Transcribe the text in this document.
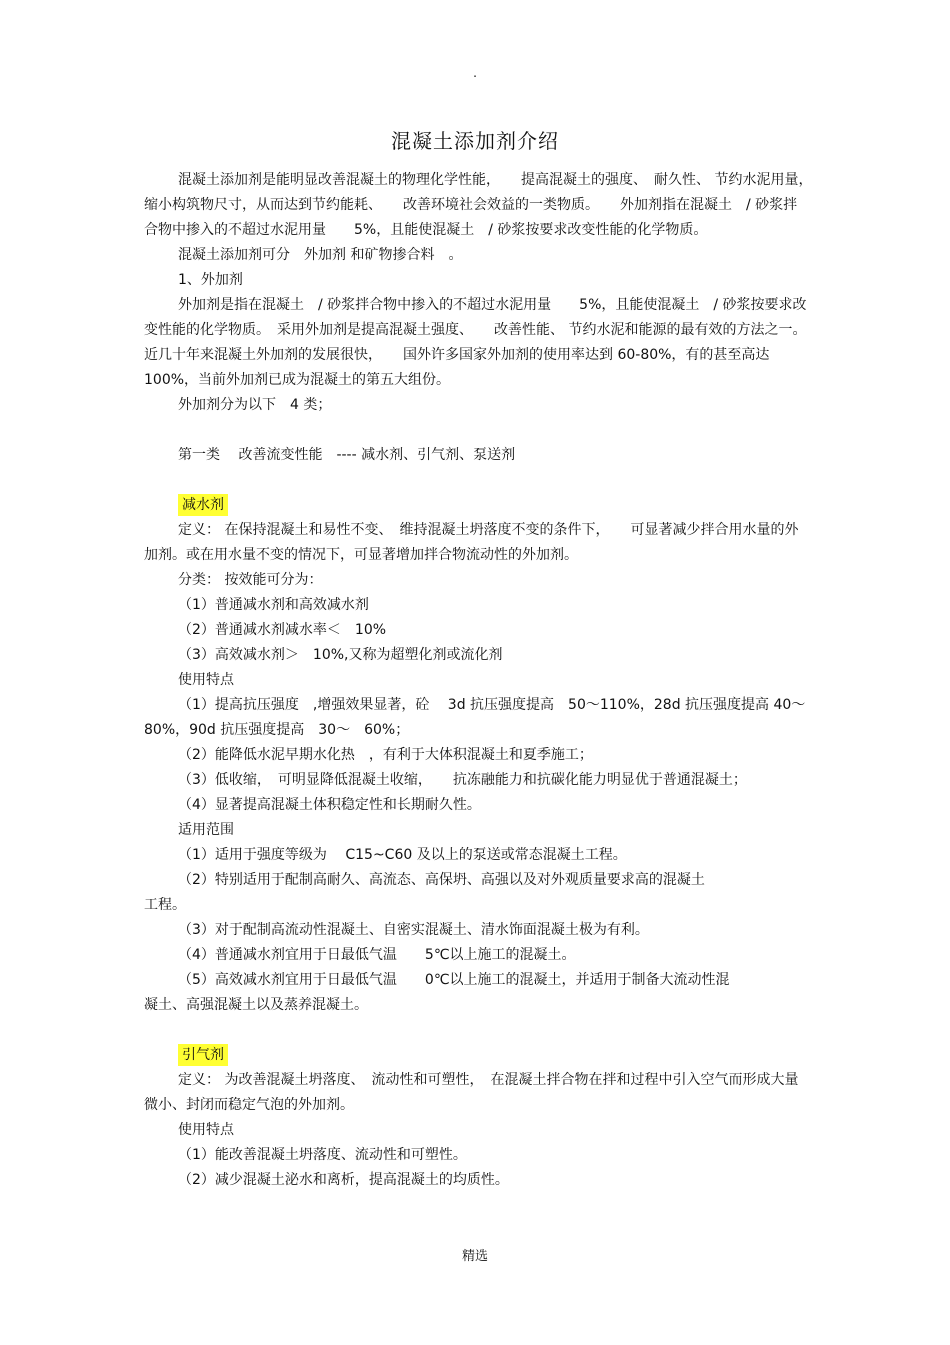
.
混凝土添加剂介绍

混凝土添加剂是能明显改善混凝土的物理化学性能，　　提高混凝土的强度、　耐久性、 节约水泥用量，　缩小构筑物尺寸，从而达到节约能耗、　　改善环境社会效益的一类物质。　　外加剂指在混凝土　/ 砂浆拌合物中掺入的不超过水泥用量　　5%，且能使混凝土　/ 砂浆按要求改变性能的化学物质。

混凝土添加剂可分　外加剂 和矿物掺合料　。

1、外加剂

外加剂是指在混凝土　/ 砂浆拌合物中掺入的不超过水泥用量　　5%，且能使混凝土　/ 砂浆按要求改变性能的化学物质。　采用外加剂是提高混凝土强度、　　改善性能、 节约水泥和能源的最有效的方法之一。　近几十年来混凝土外加剂的发展很快，　　国外许多国家外加剂的使用率达到 60-80%，有的甚至高达　100%，当前外加剂已成为混凝土的第五大组份。

外加剂分为以下　4 类；

第一类　 改善流变性能　---- 减水剂、引气剂、泵送剂

减水剂

定义： 在保持混凝土和易性不变、　维持混凝土坍落度不变的条件下，　　可显著减少拌合用水量的外加剂。或在用水量不变的情况下，可显著增加拌合物流动性的外加剂。

分类： 按效能可分为：

（1）普通减水剂和高效减水剂

（2）普通减水剂减水率＜　10%

（3）高效减水剂＞　10%,又称为超塑化剂或流化剂

使用特点

（1）提高抗压强度　,增强效果显著，砼　 3d 抗压强度提高　50～110%，28d 抗压强度提高 40～ 80%，90d 抗压强度提高　30～　60%；

（2）能降低水泥早期水化热　，有利于大体积混凝土和夏季施工；

（3）低收缩，　可明显降低混凝土收缩，　　抗冻融能力和抗碳化能力明显优于普通混凝土；

（4）显著提高混凝土体积稳定性和长期耐久性。

适用范围

（1）适用于强度等级为　 C15~C60 及以上的泵送或常态混凝土工程。

（2）特别适用于配制高耐久、高流态、高保坍、高强以及对外观质量要求高的混凝土

工程。

（3）对于配制高流动性混凝土、自密实混凝土、清水饰面混凝土极为有利。

（4）普通减水剂宜用于日最低气温　　5℃以上施工的混凝土。

（5）高效减水剂宜用于日最低气温　　0℃以上施工的混凝土，并适用于制备大流动性混

凝土、高强混凝土以及蒸养混凝土。

引气剂

定义： 为改善混凝土坍落度、　流动性和可塑性，　在混凝土拌合物在拌和过程中引入空气而形成大量微小、封闭而稳定气泡的外加剂。

使用特点

（1）能改善混凝土坍落度、流动性和可塑性。

（2）减少混凝土泌水和离析，提高混凝土的均质性。

精选
